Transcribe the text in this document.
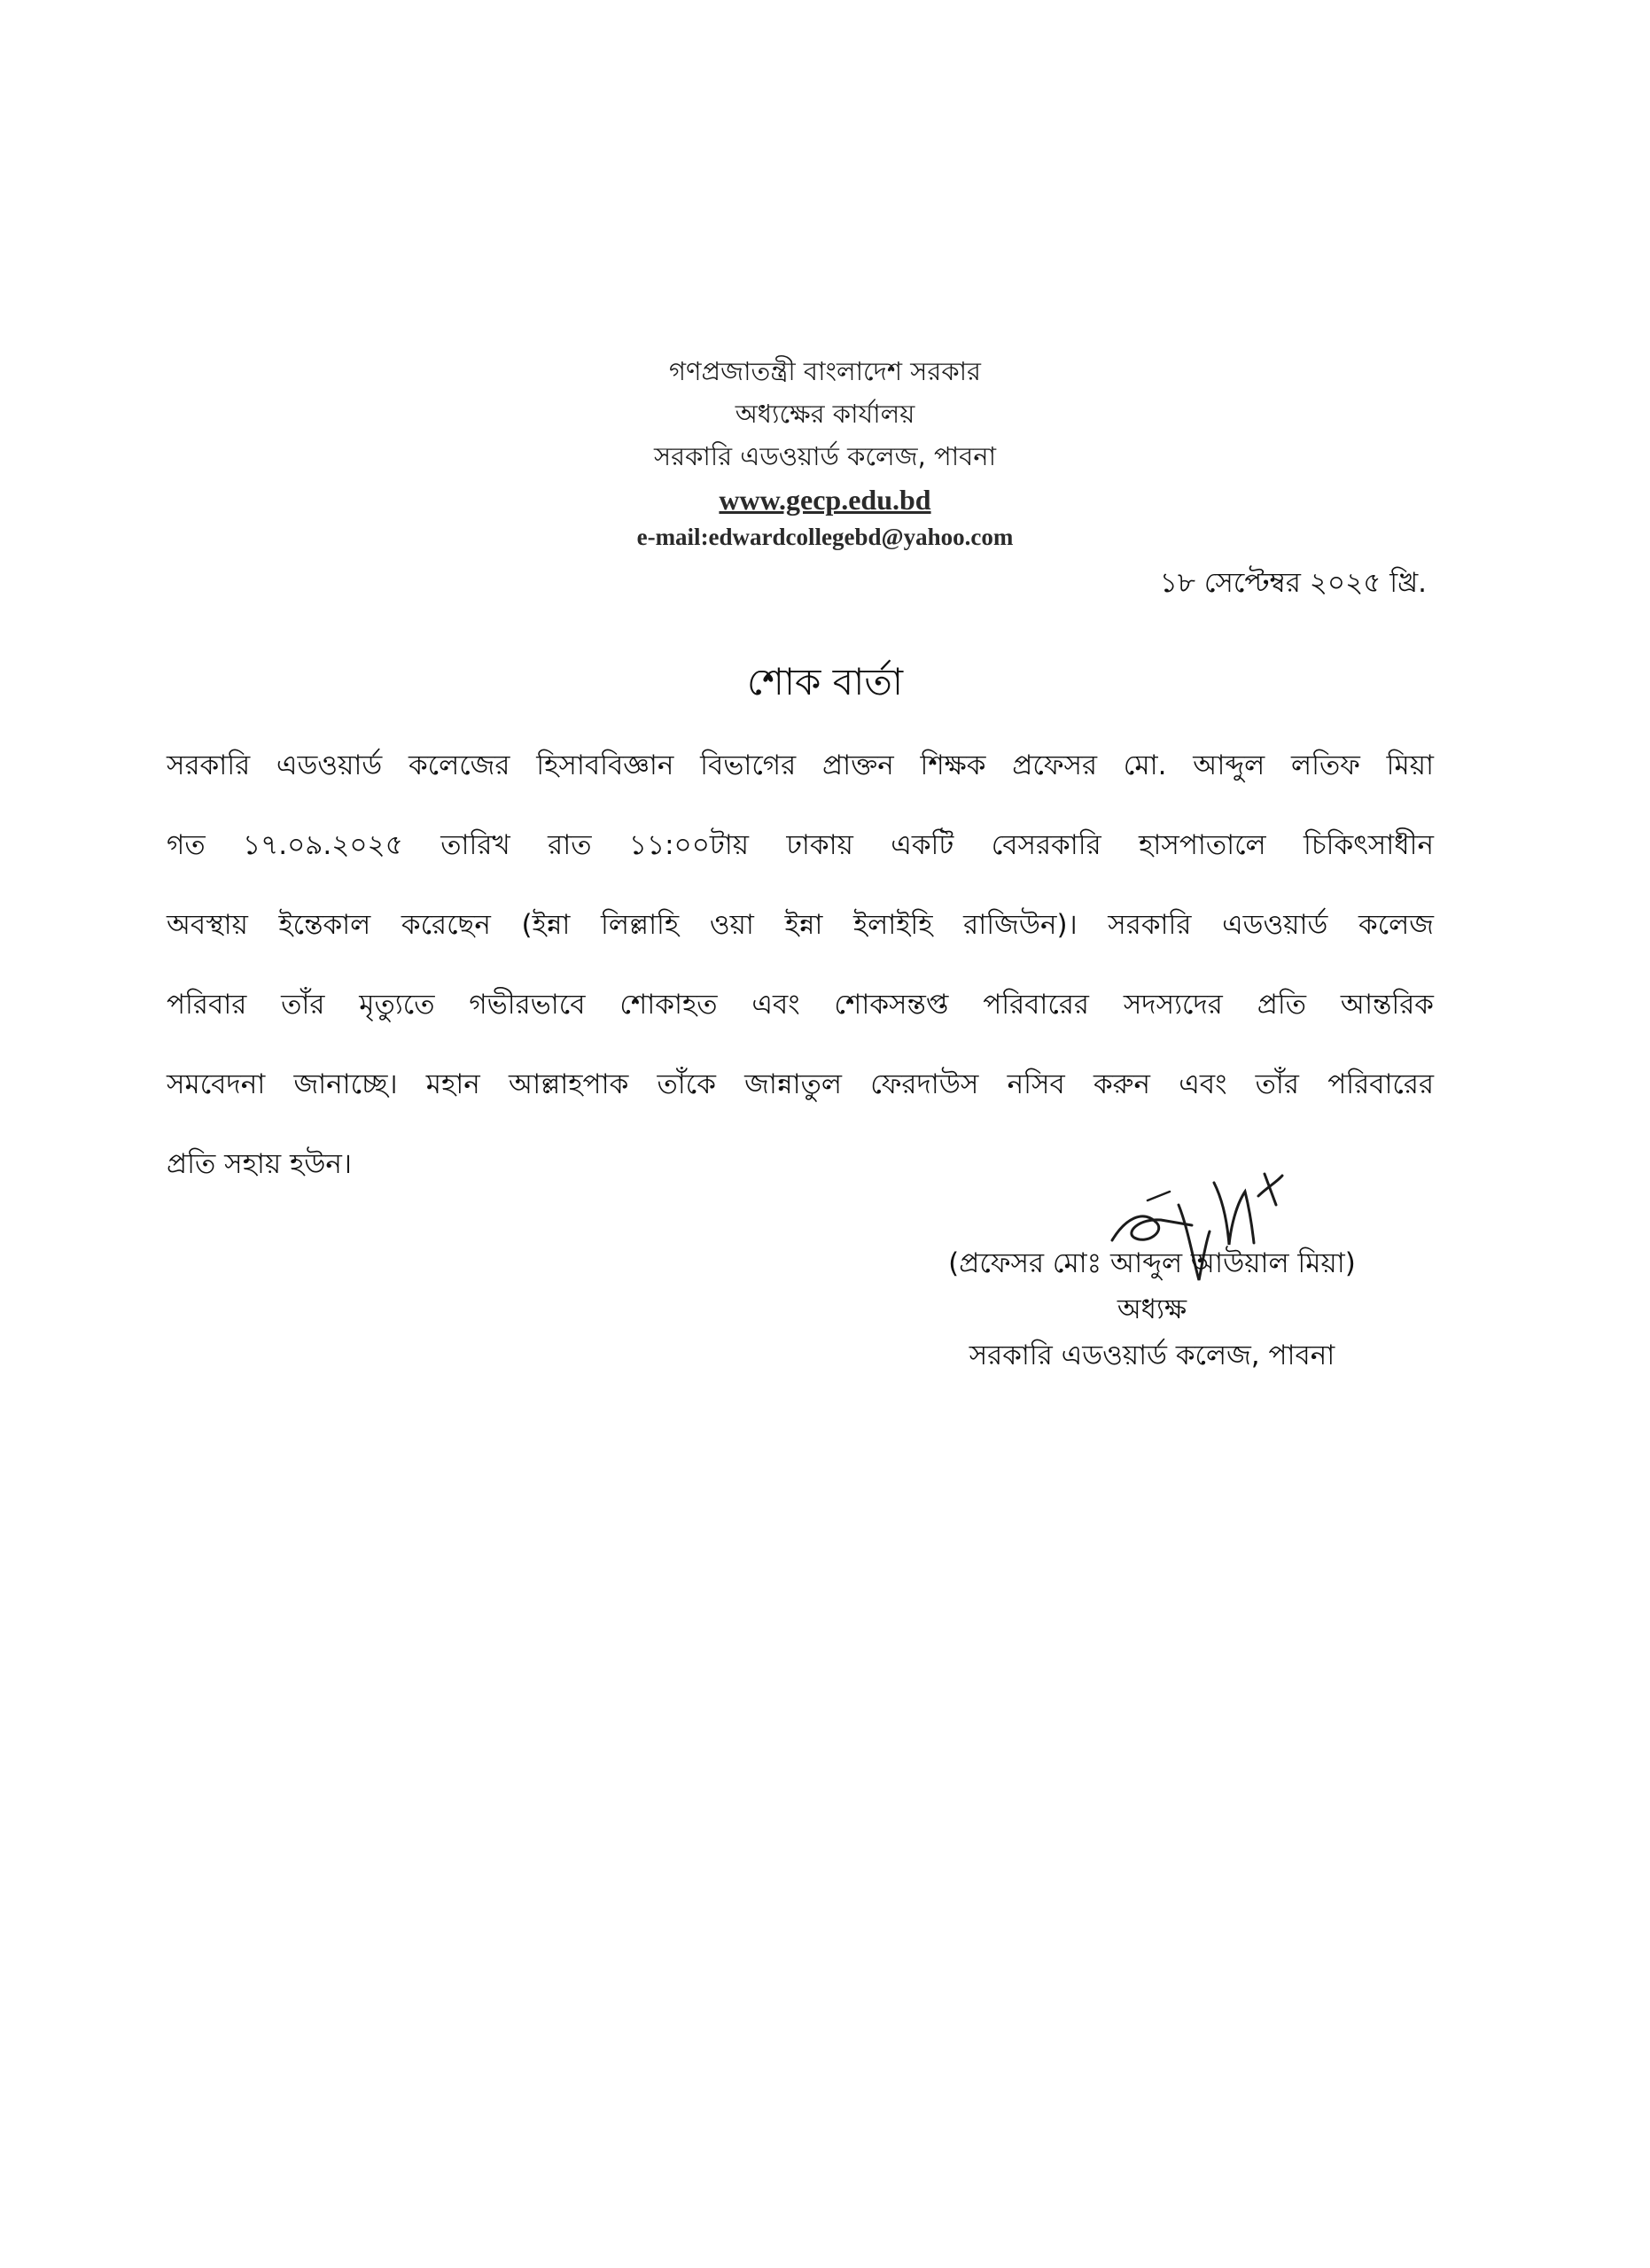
গণপ্রজাতন্ত্রী বাংলাদেশ সরকার
অধ্যক্ষের কার্যালয়
সরকারি এডওয়ার্ড কলেজ, পাবনা
www.gecp.edu.bd
e-mail:edwardcollegebd@yahoo.com
১৮ সেপ্টেম্বর ২০২৫ খ্রি.
শোক বার্তা
সরকারি এডওয়ার্ড কলেজের হিসাববিজ্ঞান বিভাগের প্রাক্তন শিক্ষক প্রফেসর মো. আব্দুল লতিফ মিয়া
গত ১৭.০৯.২০২৫ তারিখ রাত ১১:০০টায় ঢাকায় একটি বেসরকারি হাসপাতালে চিকিৎসাধীন
অবস্থায় ইন্তেকাল করেছেন (ইন্না লিল্লাহি ওয়া ইন্না ইলাইহি রাজিউন)। সরকারি এডওয়ার্ড কলেজ
পরিবার তাঁর মৃত্যুতে গভীরভাবে শোকাহত এবং শোকসন্তপ্ত পরিবারের সদস্যদের প্রতি আন্তরিক
সমবেদনা জানাচ্ছে। মহান আল্লাহপাক তাঁকে জান্নাতুল ফেরদাউস নসিব করুন এবং তাঁর পরিবারের
প্রতি সহায় হউন।
(প্রফেসর মোঃ আব্দুল আউয়াল মিয়া)
অধ্যক্ষ
সরকারি এডওয়ার্ড কলেজ, পাবনা
